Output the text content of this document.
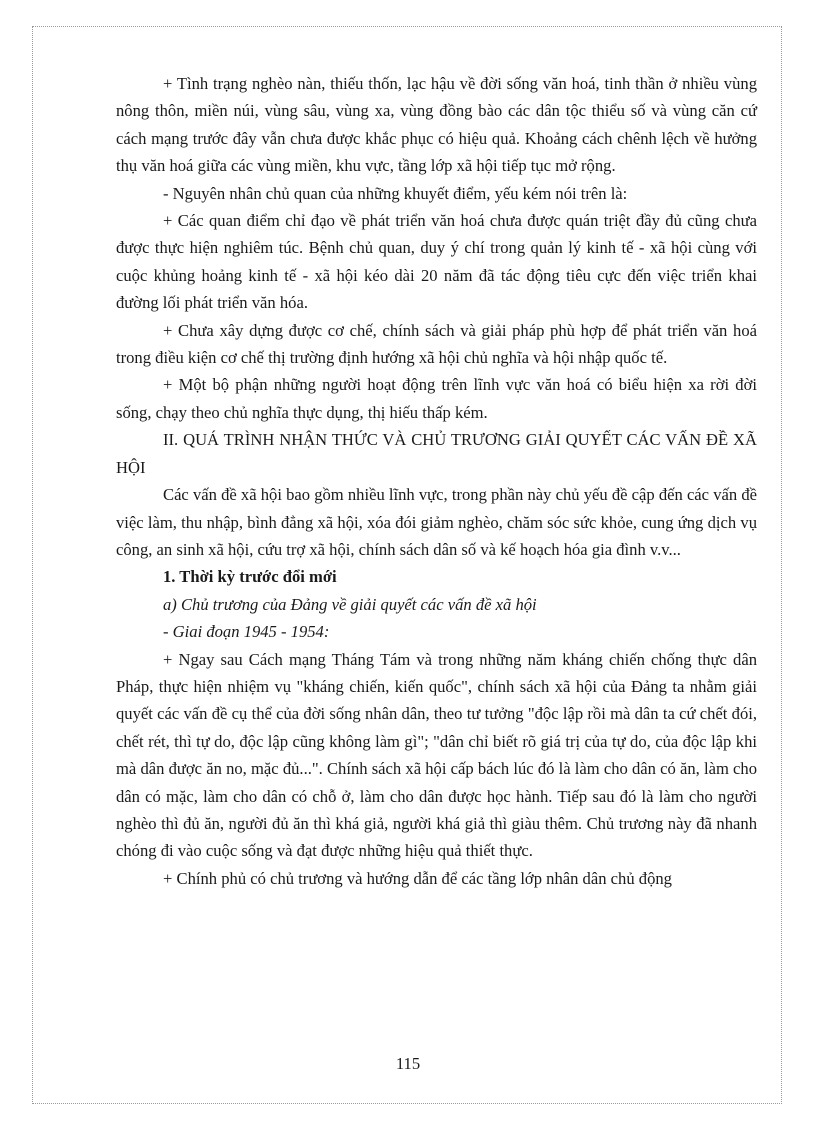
+ Tình trạng nghèo nàn, thiếu thốn, lạc hậu về đời sống văn hoá, tinh thần ở nhiều vùng nông thôn, miền núi, vùng sâu, vùng xa, vùng đồng bào các dân tộc thiểu số và vùng căn cứ cách mạng trước đây vẫn chưa được khắc phục có hiệu quả. Khoảng cách chênh lệch về hưởng thụ văn hoá giữa các vùng miền, khu vực, tầng lớp xã hội tiếp tục mở rộng.

- Nguyên nhân chủ quan của những khuyết điểm, yếu kém nói trên là:

+ Các quan điểm chỉ đạo về phát triển văn hoá chưa được quán triệt đầy đủ cũng chưa được thực hiện nghiêm túc. Bệnh chủ quan, duy ý chí trong quản lý kinh tế - xã hội cùng với cuộc khủng hoảng kinh tế - xã hội kéo dài 20 năm đã tác động tiêu cực đến việc triển khai đường lối phát triển văn hóa.

+ Chưa xây dựng được cơ chế, chính sách và giải pháp phù hợp để phát triển văn hoá trong điều kiện cơ chế thị trường định hướng xã hội chủ nghĩa và hội nhập quốc tế.

+ Một bộ phận những người hoạt động trên lĩnh vực văn hoá có biểu hiện xa rời đời sống, chạy theo chủ nghĩa thực dụng, thị hiếu thấp kém.

II. QUÁ TRÌNH NHẬN THỨC VÀ CHỦ TRƯƠNG GIẢI QUYẾT CÁC VẤN ĐỀ XÃ HỘI

Các vấn đề xã hội bao gồm nhiều lĩnh vực, trong phần này chủ yếu đề cập đến các vấn đề việc làm, thu nhập, bình đẳng xã hội, xóa đói giảm nghèo, chăm sóc sức khỏe, cung ứng dịch vụ công, an sinh xã hội, cứu trợ xã hội, chính sách dân số và kế hoạch hóa gia đình v.v...

1. Thời kỳ trước đổi mới

a) Chủ trương của Đảng về giải quyết các vấn đề xã hội

- Giai đoạn 1945 - 1954:

+ Ngay sau Cách mạng Tháng Tám và trong những năm kháng chiến chống thực dân Pháp, thực hiện nhiệm vụ "kháng chiến, kiến quốc", chính sách xã hội của Đảng ta nhằm giải quyết các vấn đề cụ thể của đời sống nhân dân, theo tư tưởng "độc lập rồi mà dân ta cứ chết đói, chết rét, thì tự do, độc lập cũng không làm gì"; "dân chỉ biết rõ giá trị của tự do, của độc lập khi mà dân được ăn no, mặc đủ...". Chính sách xã hội cấp bách lúc đó là làm cho dân có ăn, làm cho dân có mặc, làm cho dân có chỗ ở, làm cho dân được học hành. Tiếp sau đó là làm cho người nghèo thì đủ ăn, người đủ ăn thì khá giả, người khá giả thì giàu thêm. Chủ trương này đã nhanh chóng đi vào cuộc sống và đạt được những hiệu quả thiết thực.

+ Chính phủ có chủ trương và hướng dẫn để các tầng lớp nhân dân chủ động

115
